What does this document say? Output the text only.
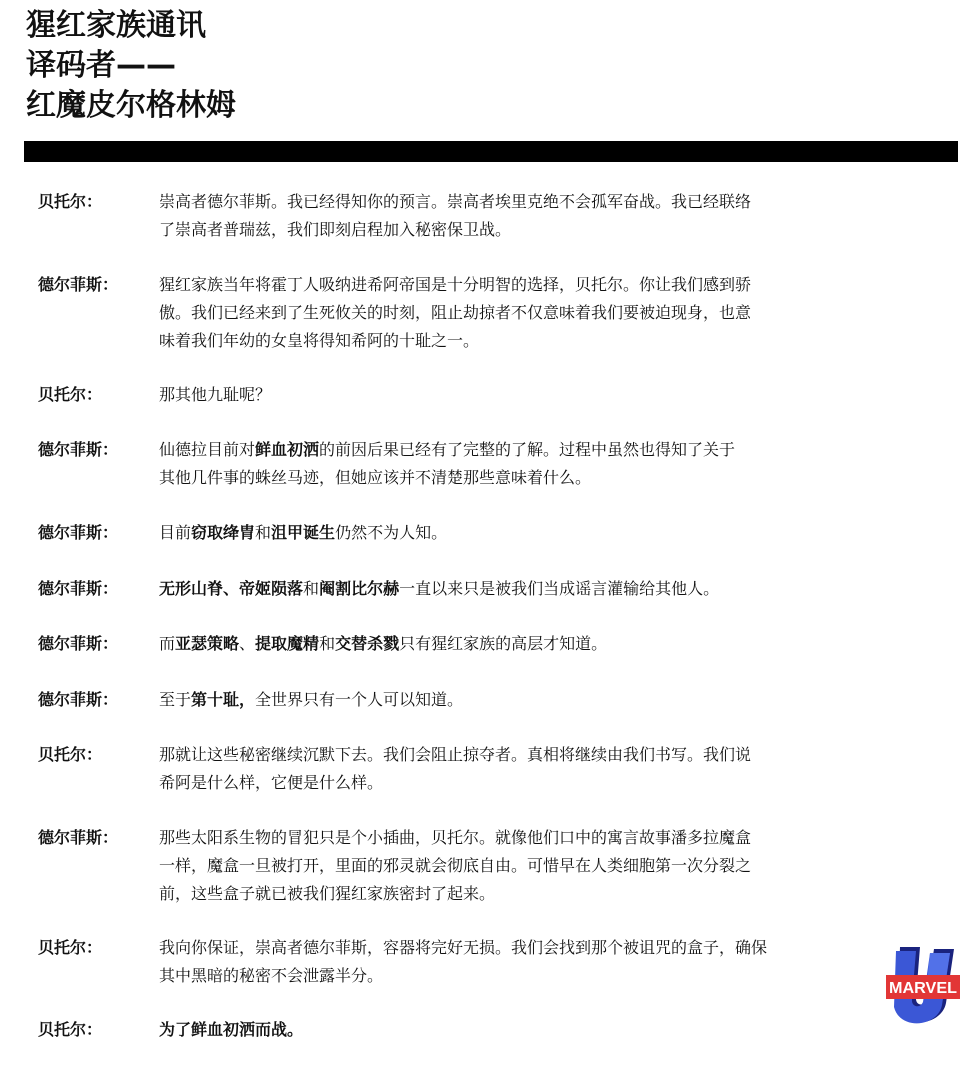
猩红家族通讯
译码者——
红魔皮尔格林姆
贝托尔：	崇高者德尔菲斯。我已经得知你的预言。崇高者埃里克绝不会孤军奋战。我已经联络
了崇高者普瑞兹，我们即刻启程加入秘密保卫战。
德尔菲斯：	猩红家族当年将霍丁人吸纳进希阿帝国是十分明智的选择，贝托尔。你让我们感到骄
傲。我们已经来到了生死攸关的时刻，阻止劫掠者不仅意味着我们要被迫现身，也意
味着我们年幼的女皇将得知希阿的十耻之一。
贝托尔：	那其他九耻呢？
德尔菲斯：	仙德拉目前对鲜血初洒的前因后果已经有了完整的了解。过程中虽然也得知了关于
其他几件事的蛛丝马迹，但她应该并不清楚那些意味着什么。
德尔菲斯：	目前窃取绛胄和沮甲诞生仍然不为人知。
德尔菲斯：	无形山脊、帝姬陨落和阉割比尔赫一直以来只是被我们当成谣言灌输给其他人。
德尔菲斯：	而亚瑟策略、提取魔精和交替杀戮只有猩红家族的高层才知道。
德尔菲斯：	至于第十耻，全世界只有一个人可以知道。
贝托尔：	那就让这些秘密继续沉默下去。我们会阻止掠夺者。真相将继续由我们书写。我们说
希阿是什么样，它便是什么样。
德尔菲斯：	那些太阳系生物的冒犯只是个小插曲，贝托尔。就像他们口中的寓言故事潘多拉魔盒
一样，魔盒一旦被打开，里面的邪灵就会彻底自由。可惜早在人类细胞第一次分裂之
前，这些盒子就已被我们猩红家族密封了起来。
贝托尔：	我向你保证，崇高者德尔菲斯，容器将完好无损。我们会找到那个被诅咒的盒子，确保
其中黑暗的秘密不会泄露半分。
贝托尔：	为了鲜血初洒而战。
MARVEL
